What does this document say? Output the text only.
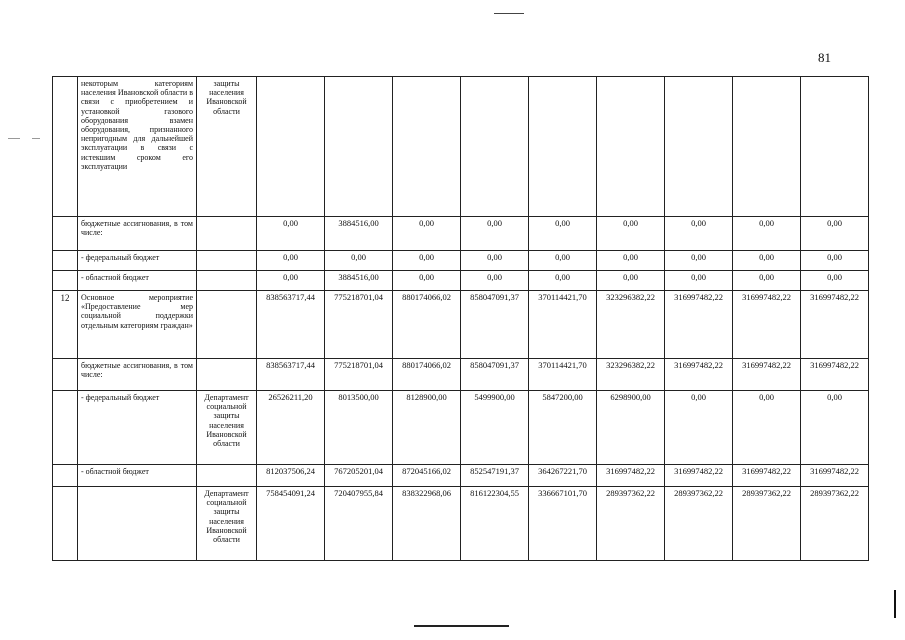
81
	некоторым категориям населения Ивановской области в связи с приобретением и установкой газового оборудования взамен оборудования, признанного непригодным для дальнейшей эксплуатации в связи с истекшим сроком его эксплуатации	защиты населения Ивановской области									
	бюджетные ассигнования, в том числе:		0,00	3884516,00	0,00	0,00	0,00	0,00	0,00	0,00	0,00
	- федеральный бюджет		0,00	0,00	0,00	0,00	0,00	0,00	0,00	0,00	0,00
	- областной бюджет		0,00	3884516,00	0,00	0,00	0,00	0,00	0,00	0,00	0,00
12	Основное мероприятие «Предоставление мер социальной поддержки отдельным категориям граждан»		838563717,44	775218701,04	880174066,02	858047091,37	370114421,70	323296382,22	316997482,22	316997482,22	316997482,22
	бюджетные ассигнования, в том числе:		838563717,44	775218701,04	880174066,02	858047091,37	370114421,70	323296382,22	316997482,22	316997482,22	316997482,22
	- федеральный бюджет	Департамент социальной защиты населения Ивановской области	26526211,20	8013500,00	8128900,00	5499900,00	5847200,00	6298900,00	0,00	0,00	0,00
	- областной бюджет		812037506,24	767205201,04	872045166,02	852547191,37	364267221,70	316997482,22	316997482,22	316997482,22	316997482,22
		Департамент социальной защиты населения Ивановской области	758454091,24	720407955,84	838322968,06	816122304,55	336667101,70	289397362,22	289397362,22	289397362,22	289397362,22
